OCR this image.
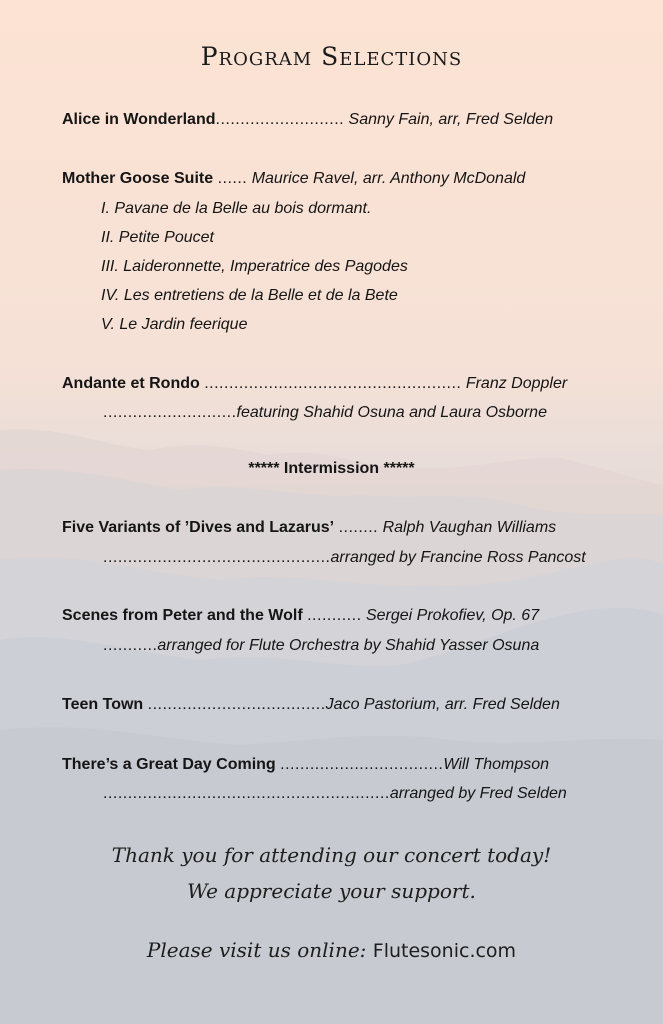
Program Selections
Alice in Wonderland.......................... Sanny Fain, arr, Fred Selden
Mother Goose Suite ...... Maurice Ravel, arr. Anthony McDonald
I. Pavane de la Belle au bois dormant.
II. Petite Poucet
III. Laideronnette, Imperatrice des Pagodes
IV. Les entretiens de la Belle et de la Bete
V. Le Jardin feerique
Andante et Rondo .................................................... Franz Doppler
...........................featuring Shahid Osuna and Laura Osborne
***** Intermission *****
Five Variants of ’Dives and Lazarus’ ........ Ralph Vaughan Williams
..............................................arranged by Francine Ross Pancost
Scenes from Peter and the Wolf ........... Sergei Prokofiev, Op. 67
...........arranged for Flute Orchestra by Shahid Yasser Osuna
Teen Town ....................................Jaco Pastorium, arr. Fred Selden
There’s a Great Day Coming .................................Will Thompson
..........................................................arranged by Fred Selden
Thank you for attending our concert today!
We appreciate your support.
Please visit us online: Flutesonic.com
